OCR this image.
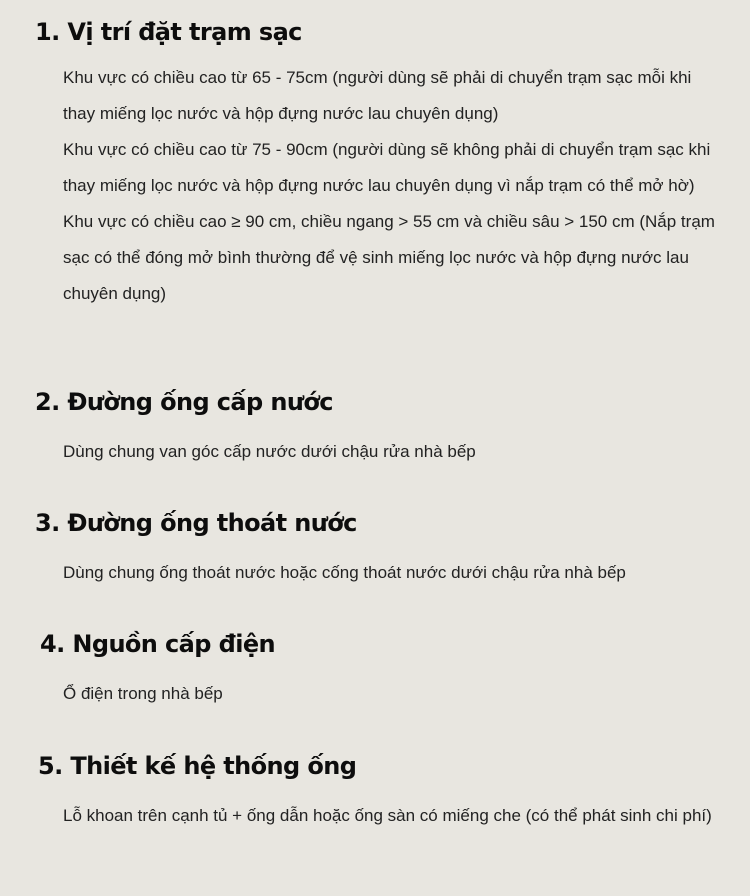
1. Vị trí đặt trạm sạc

Khu vực có chiều cao từ 65 - 75cm (người dùng sẽ phải di chuyển trạm sạc mỗi khi thay miếng lọc nước và hộp đựng nước lau chuyên dụng)

Khu vực có chiều cao từ 75 - 90cm (người dùng sẽ không phải di chuyển trạm sạc khi thay miếng lọc nước và hộp đựng nước lau chuyên dụng vì nắp trạm có thể mở hờ)

Khu vực có chiều cao ≥ 90 cm, chiều ngang > 55 cm và chiều sâu > 150 cm (Nắp trạm sạc có thể đóng mở bình thường để vệ sinh miếng lọc nước và hộp đựng nước lau chuyên dụng)

2. Đường ống cấp nước

Dùng chung van góc cấp nước dưới chậu rửa nhà bếp

3. Đường ống thoát nước

Dùng chung ống thoát nước hoặc cống thoát nước dưới chậu rửa nhà bếp

4. Nguồn cấp điện

Ổ điện trong nhà bếp

5. Thiết kế hệ thống ống

Lỗ khoan trên cạnh tủ + ống dẫn hoặc ống sàn có miếng che (có thể phát sinh chi phí)
